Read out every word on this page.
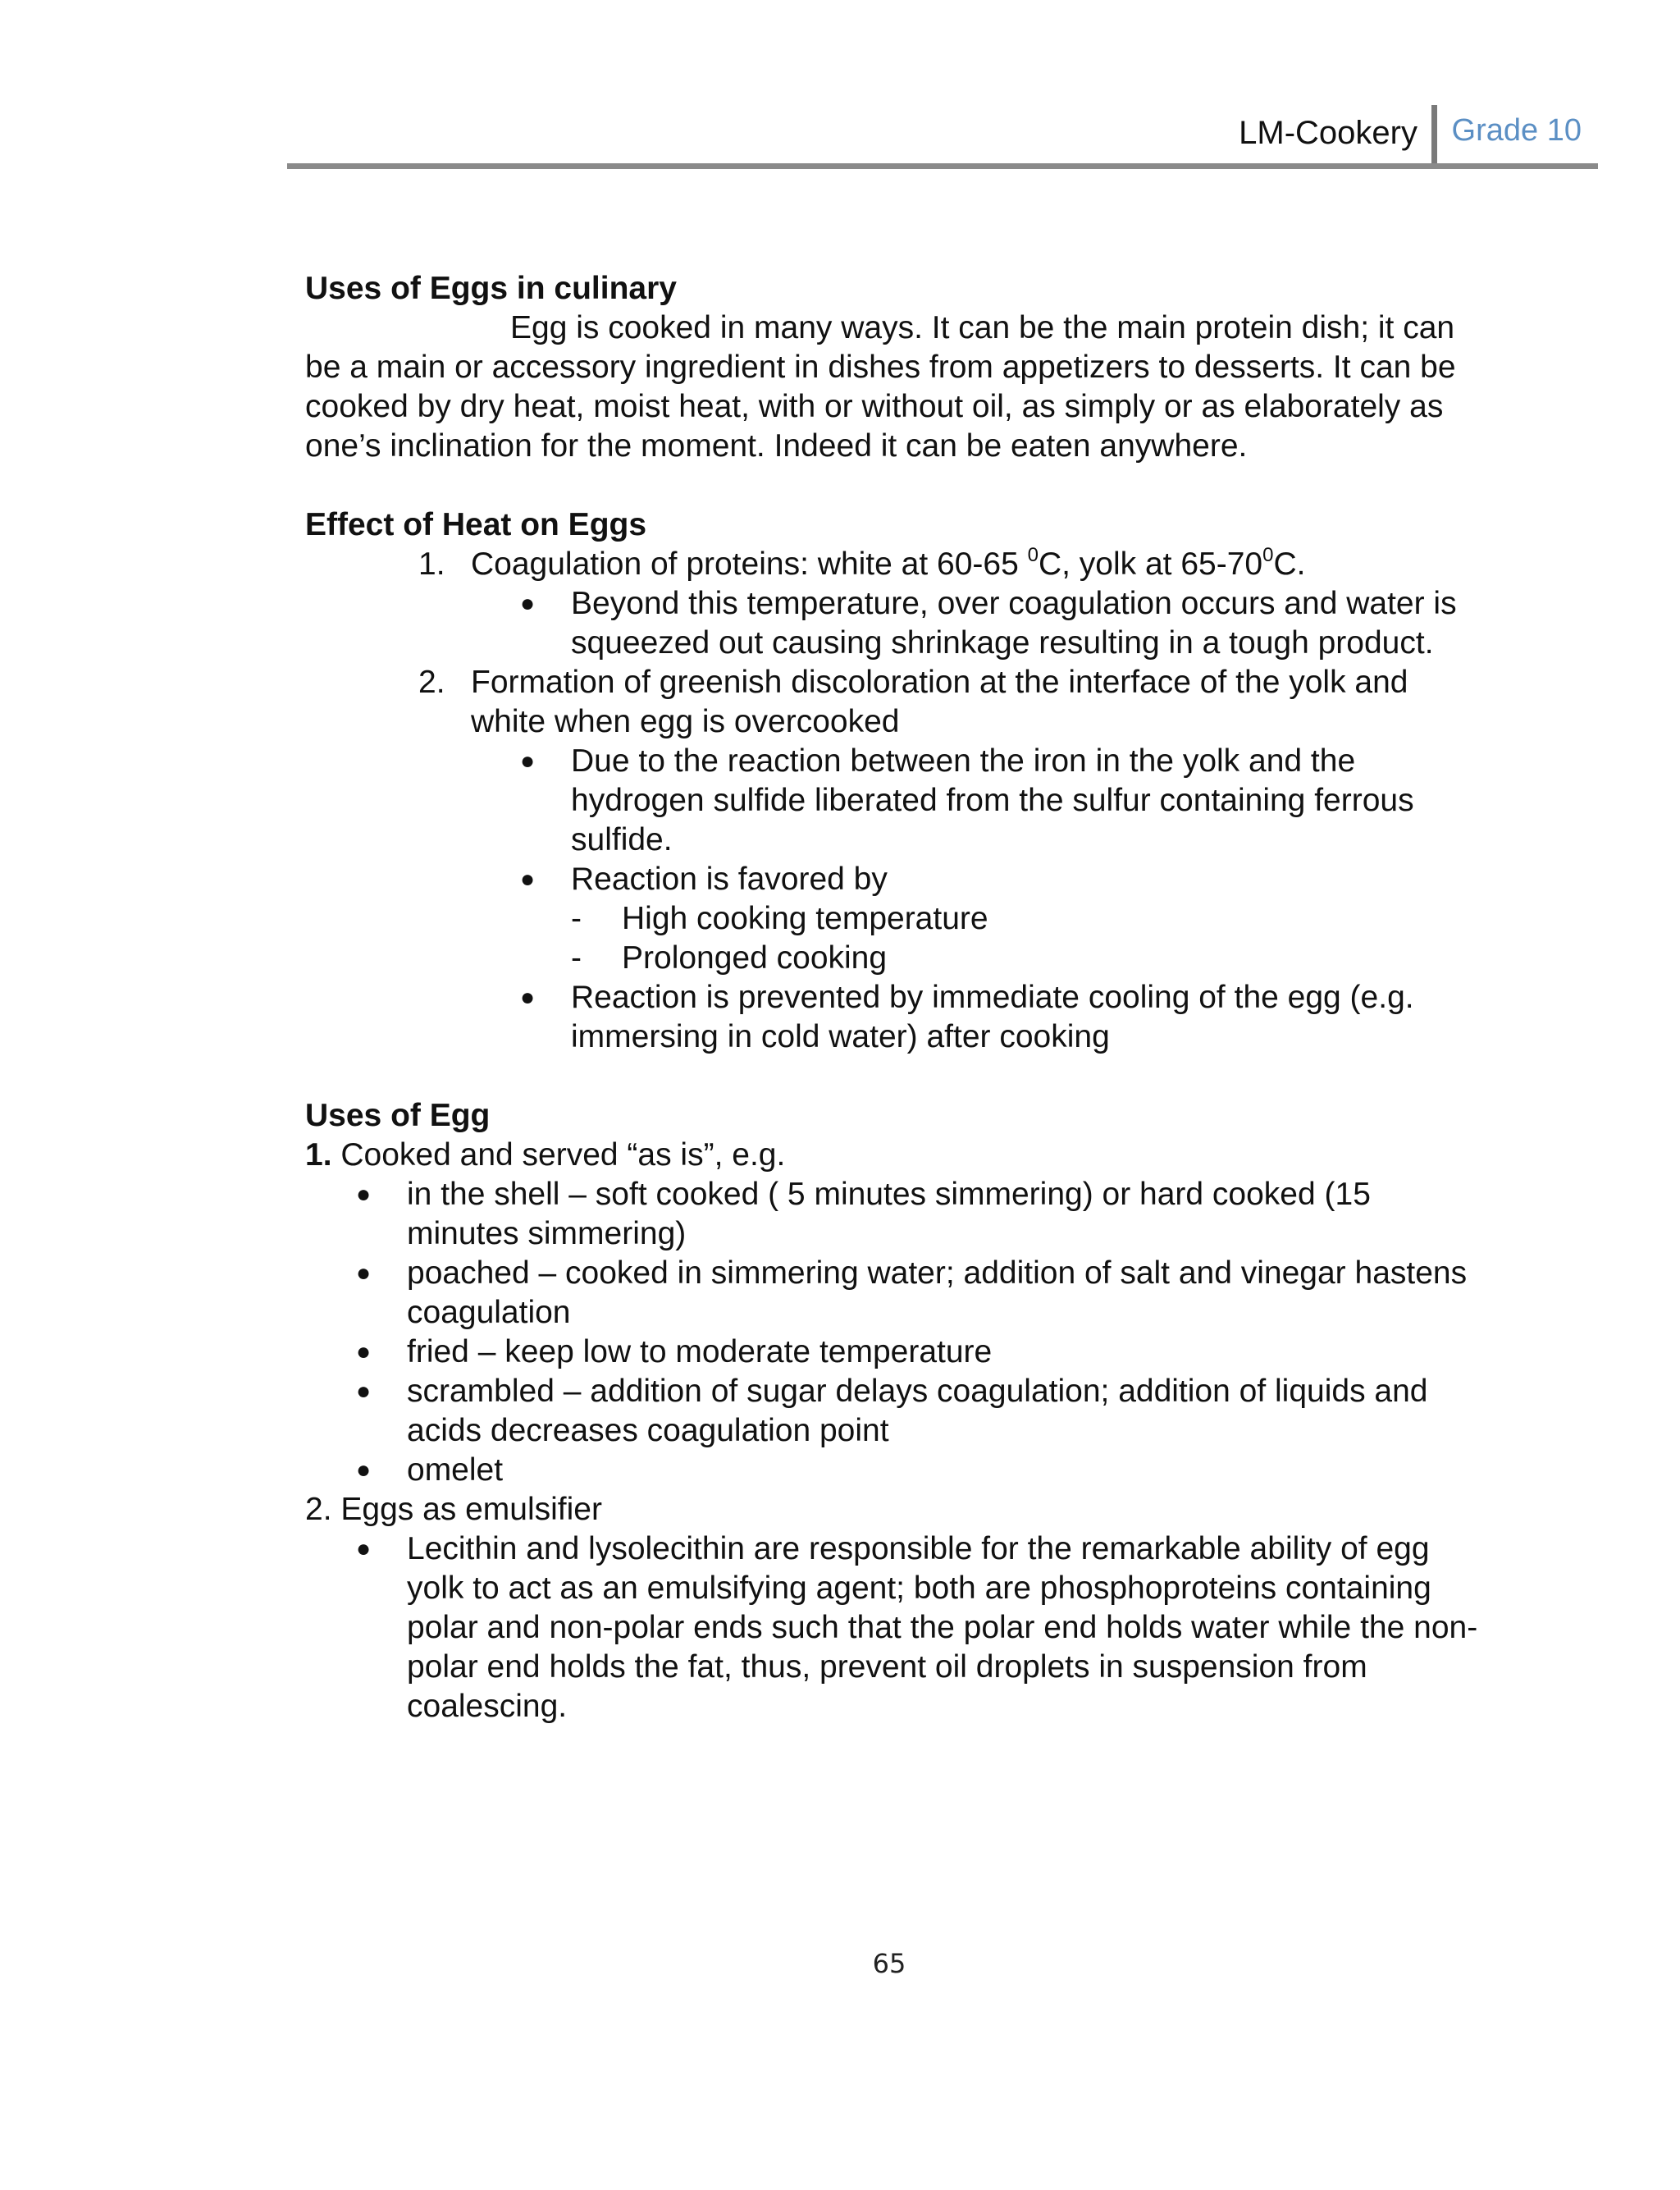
LM-Cookery Grade 10

Uses of Eggs in culinary

Egg is cooked in many ways. It can be the main protein dish; it can be a main or accessory ingredient in dishes from appetizers to desserts. It can be cooked by dry heat, moist heat, with or without oil, as simply or as elaborately as one’s inclination for the moment. Indeed it can be eaten anywhere.

Effect of Heat on Eggs

1. Coagulation of proteins: white at 60-65 $^0$C, yolk at $65-70^0C$.
●	Beyond this temperature, over coagulation occurs and water is squeezed out causing shrinkage resulting in a tough product.
2. Formation of greenish discoloration at the interface of the yolk and white when egg is overcooked
●	Due to the reaction between the iron in the yolk and the hydrogen sulfide liberated from the sulfur containing ferrous sulfide.
●	Reaction is favored by
-	High cooking temperature
-	Prolonged cooking
●	Reaction is prevented by immediate cooling of the egg (e.g. immersing in cold water) after cooking

Uses of Egg

1. Cooked and served “as is”, e.g.

●	in the shell – soft cooked ( 5 minutes simmering) or hard cooked (15 minutes simmering)
●	poached – cooked in simmering water; addition of salt and vinegar hastens coagulation
●	fried – keep low to moderate temperature
●	scrambled – addition of sugar delays coagulation; addition of liquids and acids decreases coagulation point
●	omelet

2. Eggs as emulsifier

●	Lecithin and lysolecithin are responsible for the remarkable ability of egg yolk to act as an emulsifying agent; both are phosphoproteins containing polar and non-polar ends such that the polar end holds water while the non-polar end holds the fat, thus, prevent oil droplets in suspension from coalescing.
65
